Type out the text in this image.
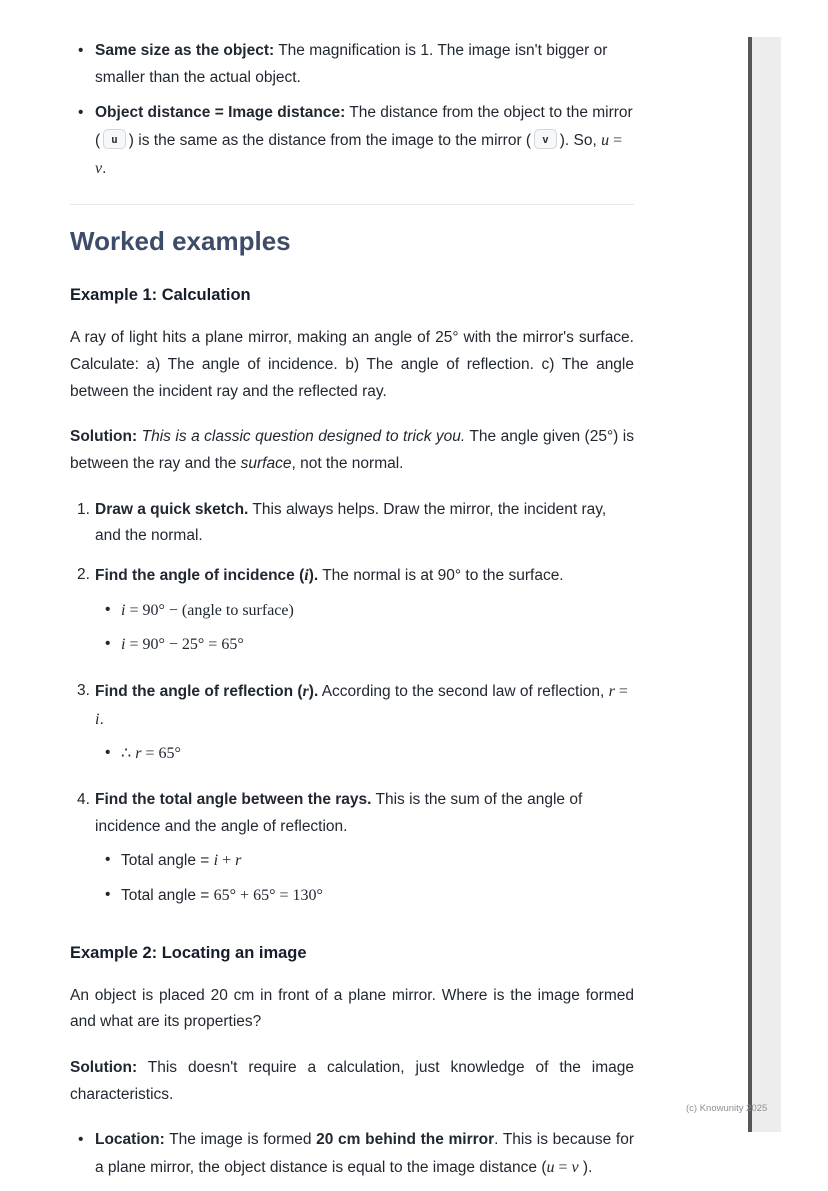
• Same size as the object: The magnification is 1. The image isn't bigger or smaller than the actual object.
• Object distance = Image distance: The distance from the object to the mirror ( u ) is the same as the distance from the image to the mirror ( v ). So, u = v.
Worked examples
Example 1: Calculation

A ray of light hits a plane mirror, making an angle of 25° with the mirror's surface. Calculate: a) The angle of incidence. b) The angle of reflection. c) The angle between the incident ray and the reflected ray.

Solution: This is a classic question designed to trick you. The angle given (25°) is between the ray and the surface, not the normal.

1. Draw a quick sketch. This always helps. Draw the mirror, the incident ray, and the normal.
2. Find the angle of incidence (i). The normal is at 90° to the surface.
• i = 90° − (angle to surface)
• i = 90° − 25° = 65°
3. Find the angle of reflection (r). According to the second law of reflection, r = i.
• ∴ r = 65°
4. Find the total angle between the rays. This is the sum of the angle of incidence and the angle of reflection.
• Total angle = i + r
• Total angle = 65° + 65° = 130°
Example 2: Locating an image

An object is placed 20 cm in front of a plane mirror. Where is the image formed and what are its properties?

Solution: This doesn't require a calculation, just knowledge of the image characteristics.

• Location: The image is formed 20 cm behind the mirror. This is because for a plane mirror, the object distance is equal to the image distance (u = v ).
(c) Knowunity 2025
